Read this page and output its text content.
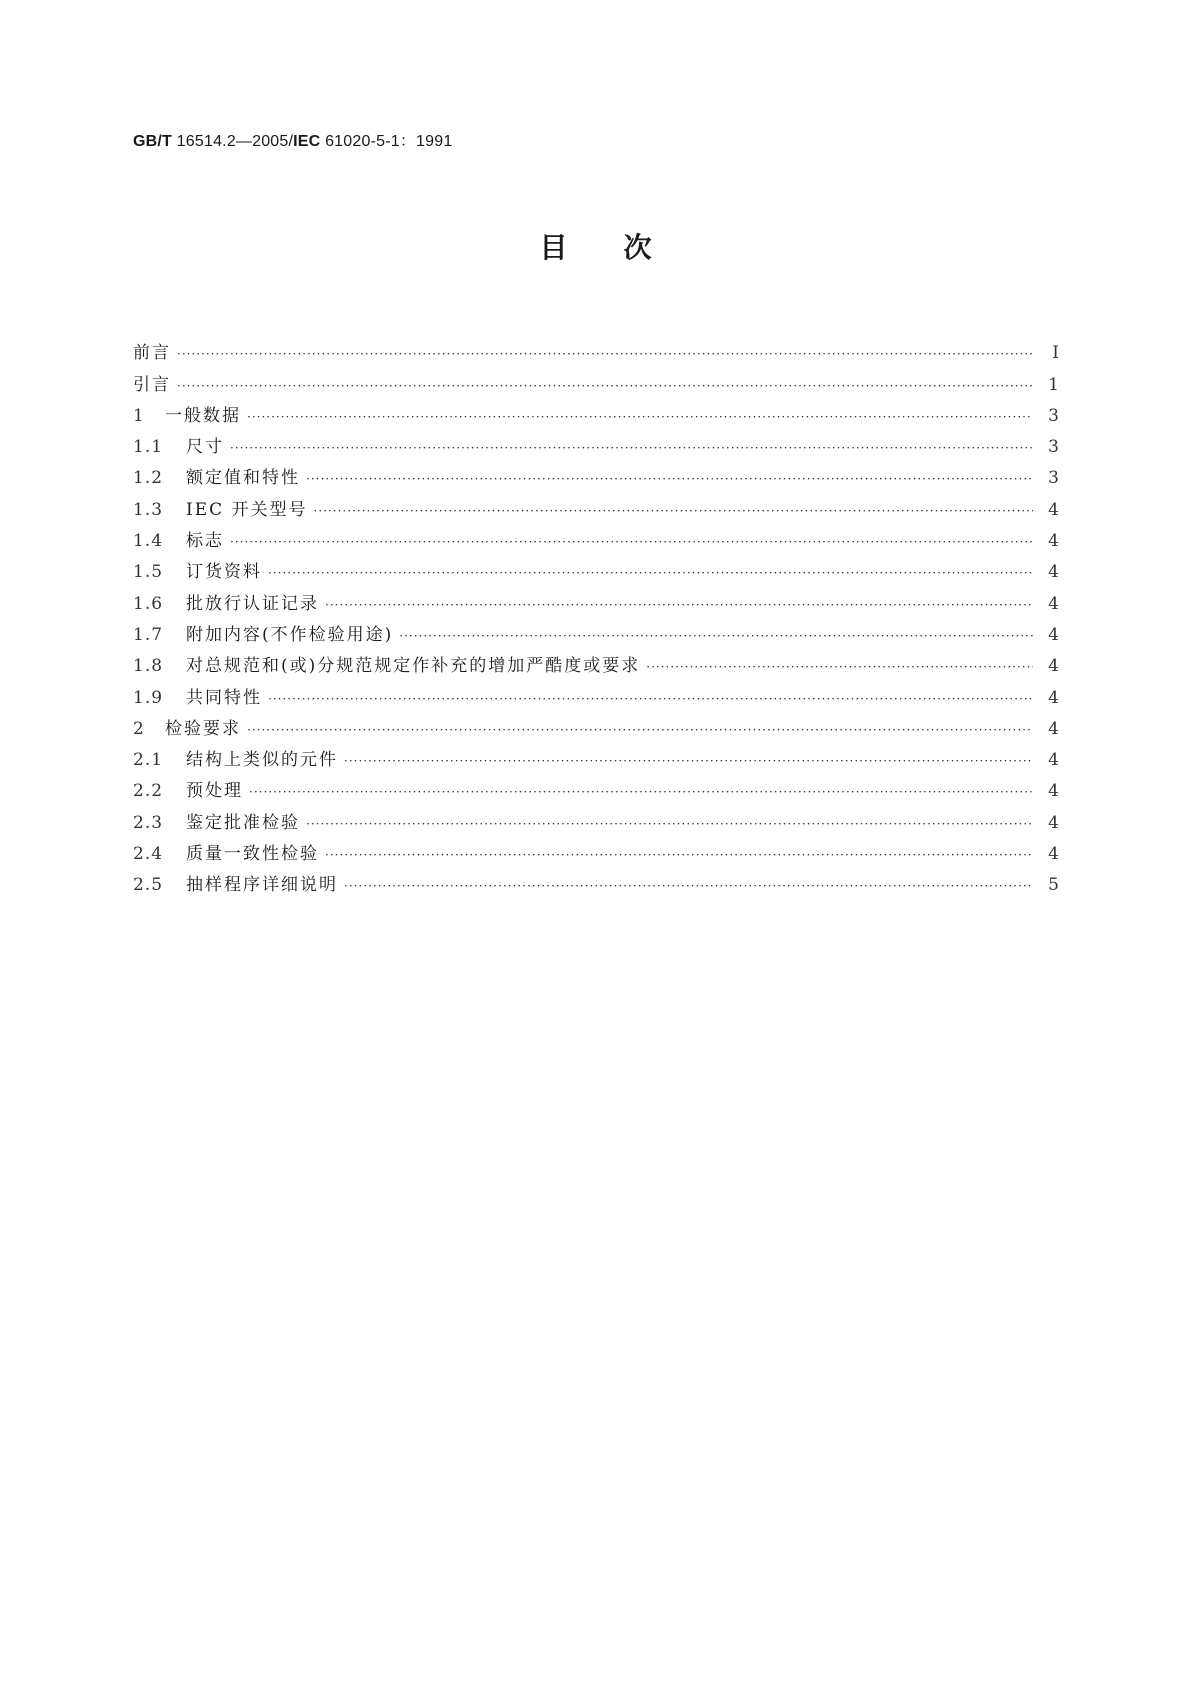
GB/T 16514.2—2005/IEC 61020-5-1：1991
目次
前言 ·····	Ⅰ
引言 ·····	1
1	一般数据 ·····	3
1.1	尺寸 ·····	3
1.2	额定值和特性 ·····	3
1.3	IEC 开关型号 ·····	4
1.4	标志 ·····	4
1.5	订货资料 ·····	4
1.6	批放行认证记录 ·····	4
1.7	附加内容(不作检验用途) ·····	4
1.8	对总规范和(或)分规范规定作补充的增加严酷度或要求 ·····	4
1.9	共同特性 ·····	4
2	检验要求 ·····	4
2.1	结构上类似的元件 ·····	4
2.2	预处理 ·····	4
2.3	鉴定批准检验 ·····	4
2.4	质量一致性检验 ·····	4
2.5	抽样程序详细说明 ·····	5
